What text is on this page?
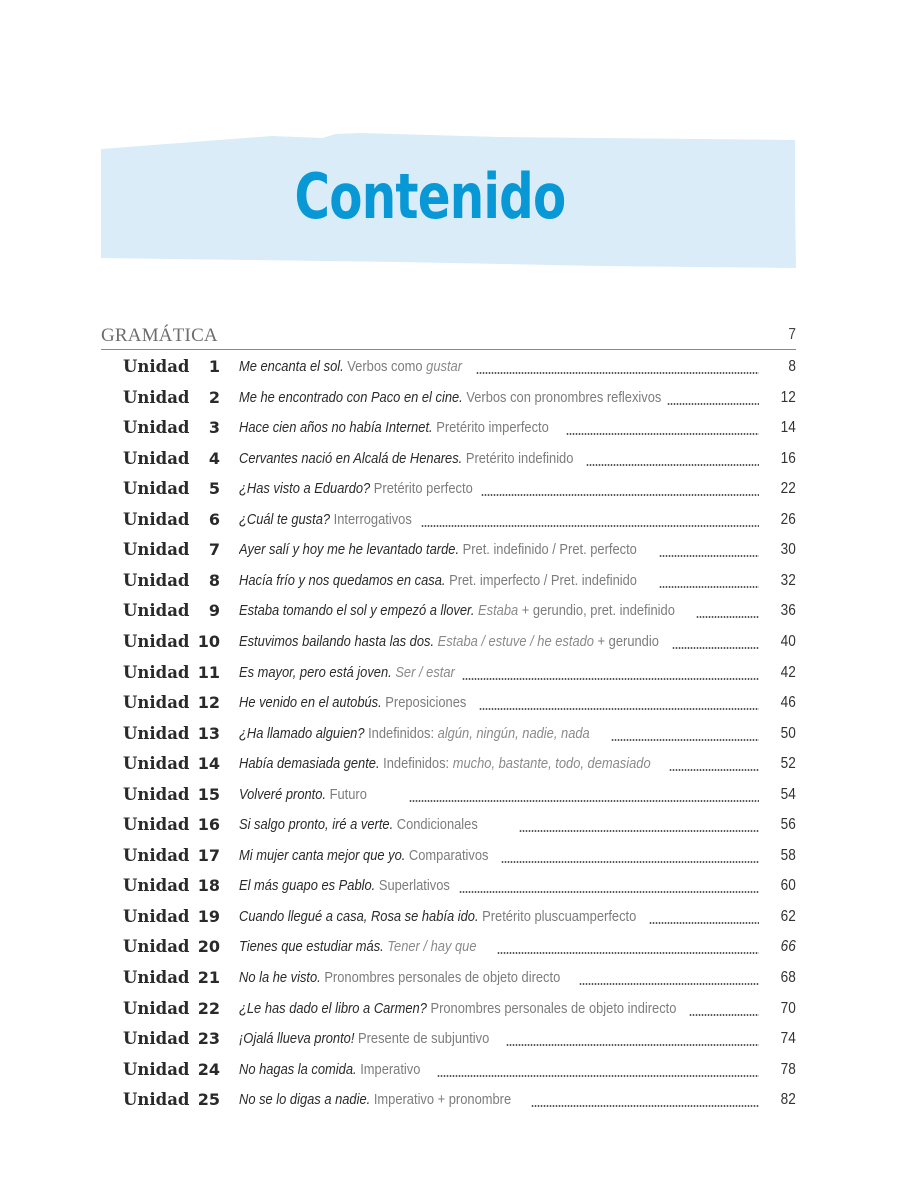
Contenido
GRAMÁTICA	7
Unidad	1 Me encanta el sol. Verbos como gustar	8
Unidad	2 Me he encontrado con Paco en el cine. Verbos con pronombres reflexivos	12
Unidad	3 Hace cien años no había Internet. Pretérito imperfecto	14
Unidad	4 Cervantes nació en Alcalá de Henares. Pretérito indefinido	16
Unidad	5 ¿Has visto a Eduardo? Pretérito perfecto	22
Unidad	6 ¿Cuál te gusta? Interrogativos	26
Unidad	7 Ayer salí y hoy me he levantado tarde. Pret. indefinido / Pret. perfecto	30
Unidad	8 Hacía frío y nos quedamos en casa. Pret. imperfecto / Pret. indefinido	32
Unidad	9 Estaba tomando el sol y empezó a llover. Estaba + gerundio, pret. indefinido	36
Unidad 10 Estuvimos bailando hasta las dos. Estaba / estuve / he estado + gerundio	40
Unidad 11 Es mayor, pero está joven. Ser / estar	42
Unidad 12 He venido en el autobús. Preposiciones	46
Unidad 13 ¿Ha llamado alguien? Indefinidos: algún, ningún, nadie, nada	50
Unidad 14 Había demasiada gente. Indefinidos: mucho, bastante, todo, demasiado	52
Unidad 15 Volveré pronto. Futuro	54
Unidad 16 Si salgo pronto, iré a verte. Condicionales	56
Unidad 17 Mi mujer canta mejor que yo. Comparativos	58
Unidad 18 El más guapo es Pablo. Superlativos	60
Unidad 19 Cuando llegué a casa, Rosa se había ido. Pretérito pluscuamperfecto	62
Unidad 20 Tienes que estudiar más. Tener / hay que	66
Unidad 21 No la he visto. Pronombres personales de objeto directo	68
Unidad 22 ¿Le has dado el libro a Carmen? Pronombres personales de objeto indirecto	70
Unidad 23 ¡Ojalá llueva pronto! Presente de subjuntivo	74
Unidad 24 No hagas la comida. Imperativo	78
Unidad 25 No se lo digas a nadie. Imperativo + pronombre	82
